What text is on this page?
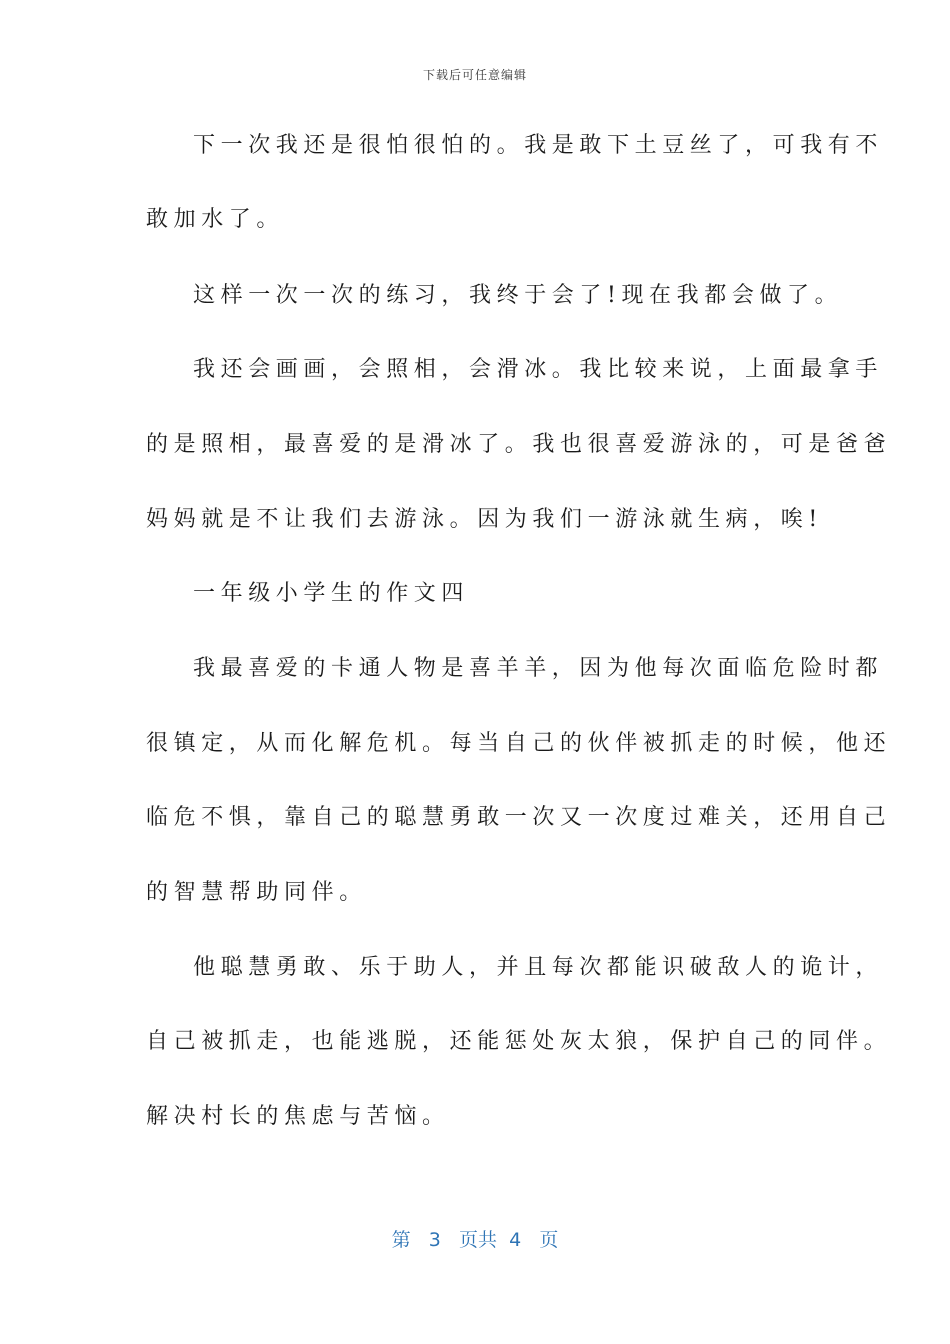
下载后可任意编辑
下一次我还是很怕很怕的。我是敢下土豆丝了，可我有不
敢加水了。
这样一次一次的练习，我终于会了!现在我都会做了。
我还会画画，会照相，会滑冰。我比较来说，上面最拿手
的是照相，最喜爱的是滑冰了。我也很喜爱游泳的，可是爸爸
妈妈就是不让我们去游泳。因为我们一游泳就生病，唉!
一年级小学生的作文四
我最喜爱的卡通人物是喜羊羊，因为他每次面临危险时都
很镇定，从而化解危机。每当自己的伙伴被抓走的时候，他还
临危不惧，靠自己的聪慧勇敢一次又一次度过难关，还用自己
的智慧帮助同伴。
他聪慧勇敢、乐于助人，并且每次都能识破敌人的诡计，
自己被抓走，也能逃脱，还能惩处灰太狼，保护自己的同伴。
解决村长的焦虑与苦恼。
第 3 页共 4 页
